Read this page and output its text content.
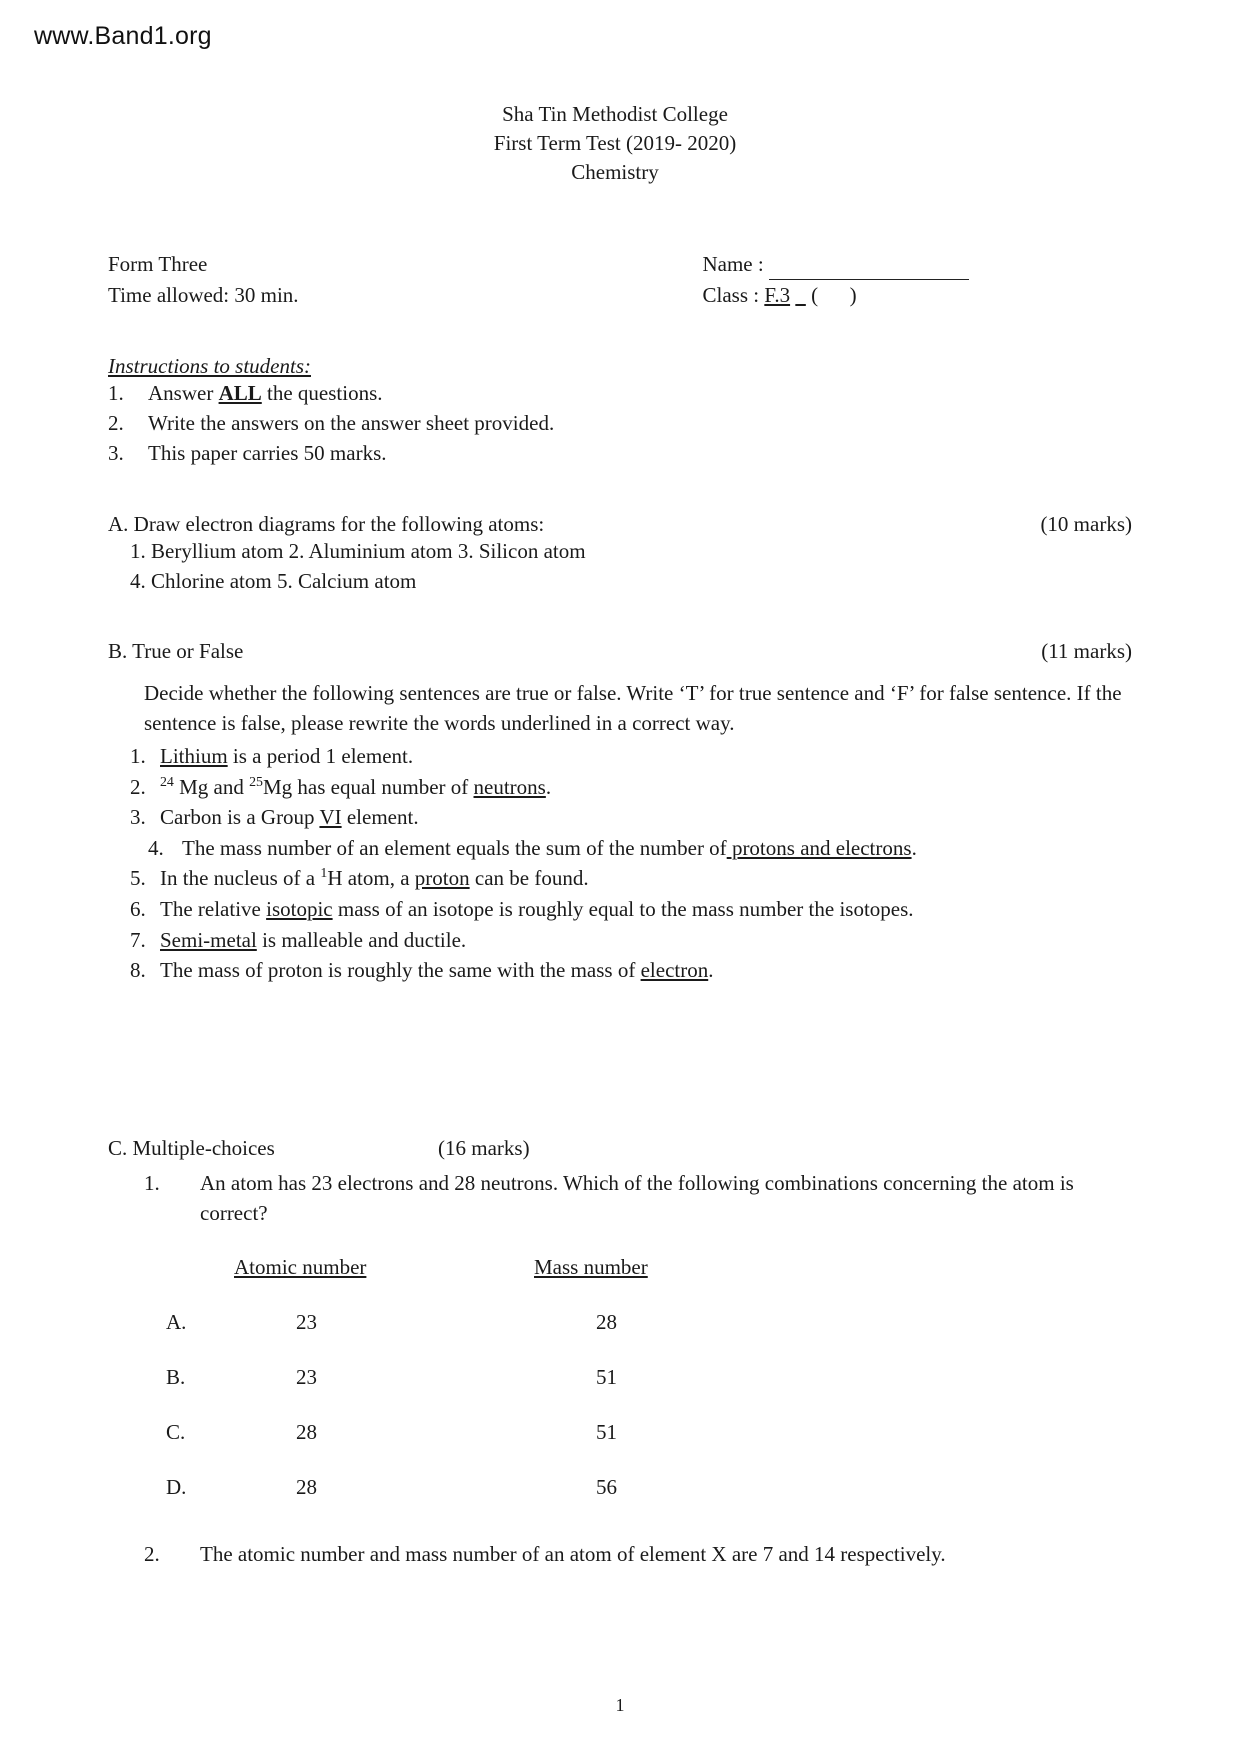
www.Band1.org
Sha Tin Methodist College
First Term Test (2019- 2020)
Chemistry
Form Three	Name :
Time allowed: 30 min.	Class : F.3 ( )
Instructions to students:
1.	Answer ALL the questions.
2.	Write the answers on the answer sheet provided.
3.	This paper carries 50 marks.
A. Draw electron diagrams for the following atoms:	(10 marks)
1. Beryllium atom 2. Aluminium atom 3. Silicon atom
4. Chlorine atom 5. Calcium atom
B. True or False	(11 marks)
Decide whether the following sentences are true or false. Write ‘T’ for true sentence and ‘F’ for false sentence. If the sentence is false, please rewrite the words underlined in a correct way.
1. Lithium is a period 1 element.
2.	$^{24}$ Mg and $^{25}$Mg has equal number of neutrons.
3. Carbon is a Group VI element.
4. The mass number of an element equals the sum of the number of protons and electrons.
5. In the nucleus of a $^1$H atom, a proton can be found.
6. The relative isotopic mass of an isotope is roughly equal to the mass number the isotopes.
7. Semi-metal is malleable and ductile.
8. The mass of proton is roughly the same with the mass of electron.
C. Multiple-choices	(16 marks)
1.	An atom has 23 electrons and 28 neutrons. Which of the following combinations concerning the atom is correct?
Atomic number	Mass number
A.	23	28
B.	23	51
C.	28	51
D.	28	56
2.	The atomic number and mass number of an atom of element X are 7 and 14 respectively.
1
